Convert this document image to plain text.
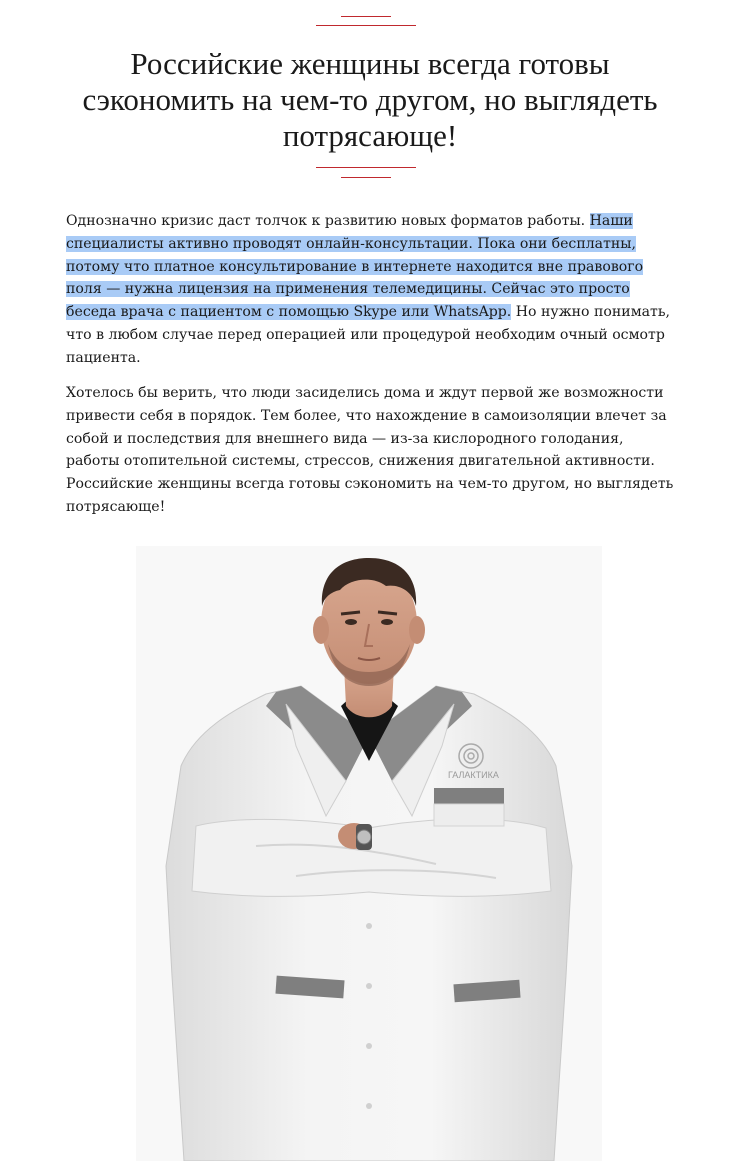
Российские женщины всегда готовы сэкономить на чем-то другом, но выглядеть потрясающе!

Однозначно кризис даст толчок к развитию новых форматов работы. Наши специалисты активно проводят онлайн-консультации. Пока они бесплатны, потому что платное консультирование в интернете находится вне правового поля — нужна лицензия на применения телемедицины. Сейчас это просто беседа врача с пациентом с помощью Skype или WhatsApp. Но нужно понимать, что в любом случае перед операцией или процедурой необходим очный осмотр пациента.

Хотелось бы верить, что люди засиделись дома и ждут первой же возможности привести себя в порядок. Тем более, что нахождение в самоизоляции влечет за собой и последствия для внешнего вида — из-за кислородного голодания, работы отопительной системы, стрессов, снижения двигательной активности. Российские женщины всегда готовы сэкономить на чем-то другом, но выглядеть потрясающе!

ГАЛАКТИКА
